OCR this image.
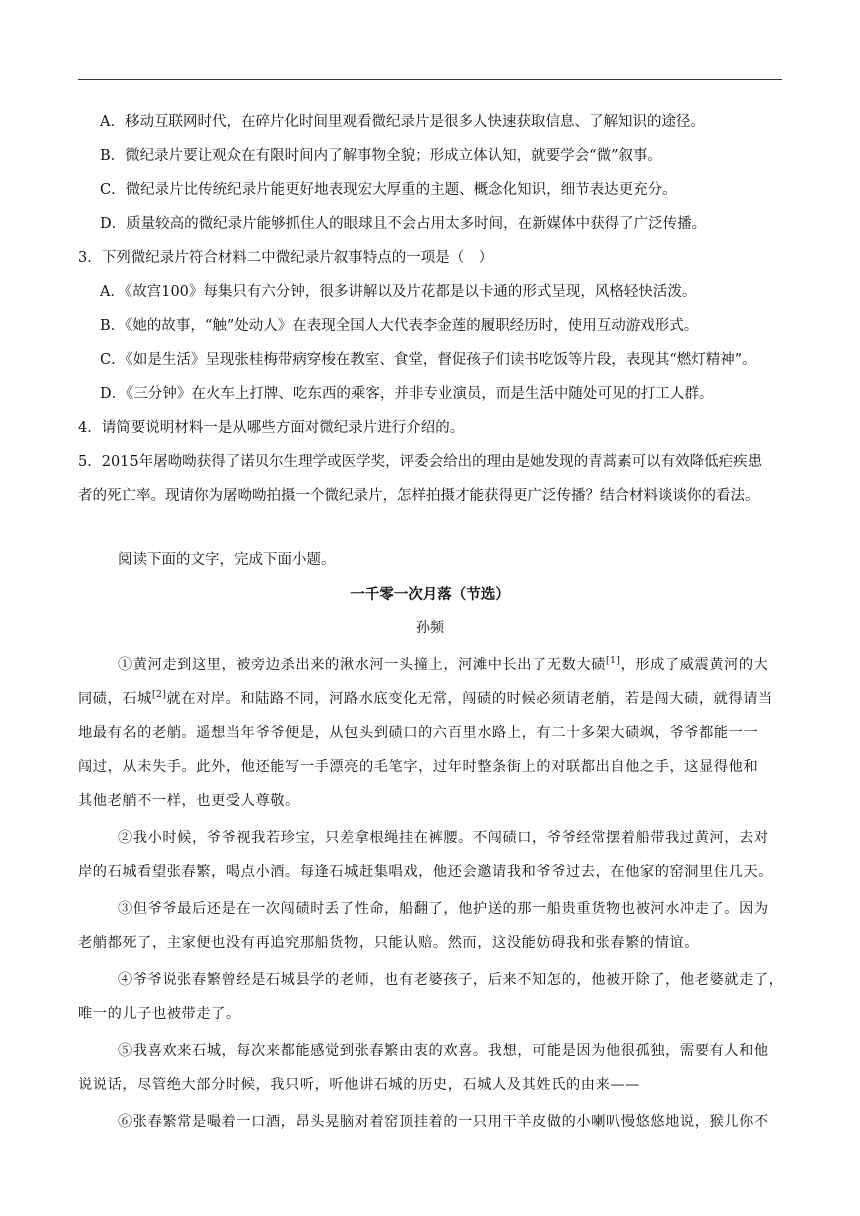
A．移动互联网时代，在碎片化时间里观看微纪录片是很多人快速获取信息、了解知识的途径。
B．微纪录片要让观众在有限时间内了解事物全貌；形成立体认知，就要学会“微”叙事。
C．微纪录片比传统纪录片能更好地表现宏大厚重的主题、概念化知识，细节表达更充分。
D．质量较高的微纪录片能够抓住人的眼球且不会占用太多时间，在新媒体中获得了广泛传播。
3．下列微纪录片符合材料二中微纪录片叙事特点的一项是（　）
A．《故宫100》每集只有六分钟，很多讲解以及片花都是以卡通的形式呈现，风格轻快活泼。
B．《她的故事，“触”处动人》在表现全国人大代表李金莲的履职经历时，使用互动游戏形式。
C．《如是生活》呈现张桂梅带病穿梭在教室、食堂，督促孩子们读书吃饭等片段，表现其“燃灯精神”。
D．《三分钟》在火车上打牌、吃东西的乘客，并非专业演员，而是生活中随处可见的打工人群。
4．请简要说明材料一是从哪些方面对微纪录片进行介绍的。
5．2015年屠呦呦获得了诺贝尔生理学或医学奖，评委会给出的理由是她发现的青蒿素可以有效降低疟疾患
者的死亡率。现请你为屠呦呦拍摄一个微纪录片，怎样拍摄才能获得更广泛传播？结合材料谈谈你的看法。
阅读下面的文字，完成下面小题。
一千零一次月落（节选）
孙频
①黄河走到这里，被旁边杀出来的湫水河一头撞上，河滩中长出了无数大碛[1]，形成了威震黄河的大
同碛，石城[2]就在对岸。和陆路不同，河路水底变化无常，闯碛的时候必须请老艄，若是闯大碛，就得请当
地最有名的老艄。遥想当年爷爷便是，从包头到碛口的六百里水路上，有二十多架大碛飒，爷爷都能一一
闯过，从未失手。此外，他还能写一手漂亮的毛笔字，过年时整条街上的对联都出自他之手，这显得他和
其他老艄不一样，也更受人尊敬。
②我小时候，爷爷视我若珍宝，只差拿根绳挂在裤腰。不闯碛口，爷爷经常摆着船带我过黄河，去对
岸的石城看望张春繁，喝点小酒。每逢石城赶集唱戏，他还会邀请我和爷爷过去，在他家的窑洞里住几天。
③但爷爷最后还是在一次闯碛时丢了性命，船翻了，他护送的那一船贵重货物也被河水冲走了。因为
老艄都死了，主家便也没有再追究那船货物，只能认赔。然而，这没能妨碍我和张春繁的情谊。
④爷爷说张春繁曾经是石城县学的老师，也有老婆孩子，后来不知怎的，他被开除了，他老婆就走了，
唯一的儿子也被带走了。
⑤我喜欢来石城，每次来都能感觉到张春繁由衷的欢喜。我想，可能是因为他很孤独，需要有人和他
说说话，尽管绝大部分时候，我只听，听他讲石城的历史，石城人及其姓氏的由来——
⑥张春繁常是嘬着一口酒，昂头晃脑对着窑顶挂着的一只用干羊皮做的小喇叭慢悠悠地说，猴儿你不
